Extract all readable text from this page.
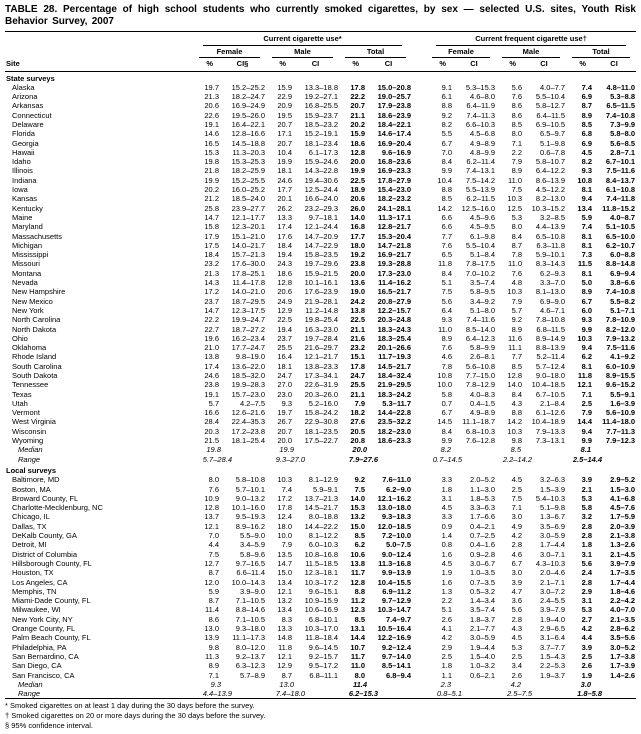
TABLE 28. Percentage of high school students who currently smoked cigarettes, by sex — selected U.S. sites, Youth Risk Behavior Survey, 2007

	Current cigarette use*							Current frequent cigarette use†					

	Female		Male		Total			Female		Male		Total	

Site	%	CI§	%	CI	%	CI		%	CI	%	CI	%	CI
State surveys													
Alaska	19.7	15.2–25.2	15.9	13.3–18.8	17.8	15.0–20.8		9.1	5.3–15.3	5.6	4.0–7.7	7.4	4.8–11.0
Arizona	21.3	18.2–24.7	22.9	19.2–27.1	22.2	19.0–25.7		6.1	4.6–8.0	7.6	5.5–10.4	6.9	5.3–8.8
Arkansas	20.6	16.9–24.9	20.9	16.8–25.5	20.7	17.9–23.8		8.8	6.4–11.9	8.6	5.8–12.7	8.7	6.5–11.5
Connecticut	22.6	19.5–26.0	19.5	15.9–23.7	21.1	18.6–23.9		9.2	7.4–11.3	8.6	6.4–11.5	8.9	7.4–10.8
Delaware	19.1	16.4–22.1	20.7	18.5–23.2	20.2	18.4–22.1		8.2	6.6–10.3	8.5	6.9–10.5	8.5	7.3–9.9
Florida	14.6	12.8–16.6	17.1	15.2–19.1	15.9	14.6–17.4		5.5	4.5–6.8	8.0	6.5–9.7	6.8	5.8–8.0
Georgia	16.5	14.5–18.8	20.7	18.1–23.4	18.6	16.9–20.4		6.7	4.9–8.9	7.1	5.1–9.8	6.9	5.6–8.5
Hawaii	15.3	11.3–20.3	10.4	6.1–17.3	12.8	9.6–16.9		7.0	4.8–9.9	2.2	0.6–7.8	4.5	2.8–7.1
Idaho	19.8	15.3–25.3	19.9	15.9–24.6	20.0	16.8–23.6		8.4	6.2–11.4	7.9	5.8–10.7	8.2	6.7–10.1
Illinois	21.8	18.2–25.9	18.1	14.3–22.8	19.9	16.9–23.3		9.9	7.4–13.1	8.9	6.4–12.2	9.3	7.5–11.6
Indiana	19.9	15.2–25.5	24.6	19.4–30.6	22.5	17.8–27.9		10.4	7.5–14.2	11.0	8.6–13.9	10.8	8.4–13.7
Iowa	20.2	16.0–25.2	17.7	12.5–24.4	18.9	15.4–23.0		8.8	5.5–13.9	7.5	4.5–12.2	8.1	6.1–10.8
Kansas	21.2	18.5–24.0	20.1	16.6–24.0	20.6	18.2–23.2		8.5	6.2–11.5	10.3	8.2–13.0	9.4	7.4–11.8
Kentucky	25.8	23.9–27.7	26.2	23.2–29.3	26.0	24.1–28.1		14.2	12.5–16.0	12.5	10.3–15.2	13.4	11.8–15.2
Maine	14.7	12.1–17.7	13.3	9.7–18.1	14.0	11.3–17.1		6.6	4.5–9.6	5.3	3.2–8.5	5.9	4.0–8.7
Maryland	15.8	12.3–20.1	17.4	12.1–24.4	16.8	12.8–21.7		6.6	4.5–9.5	8.0	4.4–13.9	7.4	5.1–10.5
Massachusetts	17.9	15.1–21.0	17.6	14.7–20.9	17.7	15.3–20.4		7.7	6.1–9.8	8.4	6.5–10.8	8.1	6.5–10.0
Michigan	17.5	14.0–21.7	18.4	14.7–22.9	18.0	14.7–21.8		7.6	5.5–10.4	8.7	6.3–11.8	8.1	6.2–10.7
Mississippi	18.4	15.7–21.3	19.4	15.8–23.5	19.2	16.9–21.7		6.5	5.1–8.4	7.8	5.9–10.1	7.3	6.0–8.8
Missouri	23.2	17.6–30.0	24.3	19.7–29.6	23.8	19.3–28.8		11.8	7.8–17.5	11.0	8.3–14.3	11.5	8.8–14.8
Montana	21.3	17.8–25.1	18.6	15.9–21.5	20.0	17.3–23.0		8.4	7.0–10.2	7.6	6.2–9.3	8.1	6.9–9.4
Nevada	14.3	11.4–17.8	12.8	10.1–16.1	13.6	11.4–16.2		5.1	3.5–7.4	4.8	3.3–7.0	5.0	3.8–6.6
New Hampshire	17.2	14.0–21.0	20.6	17.6–23.9	19.0	16.5–21.7		7.5	5.8–9.5	10.3	8.1–13.0	8.9	7.4–10.8
New Mexico	23.7	18.7–29.5	24.9	21.9–28.1	24.2	20.8–27.9		5.6	3.4–9.2	7.9	6.9–9.0	6.7	5.5–8.2
New York	14.7	12.3–17.5	12.9	11.2–14.8	13.8	12.2–15.7		6.4	5.1–8.0	5.7	4.6–7.1	6.0	5.1–7.1
North Carolina	22.2	19.9–24.7	22.5	19.8–25.4	22.5	20.3–24.8		9.3	7.4–11.6	9.2	7.8–10.8	9.3	7.8–10.9
North Dakota	22.7	18.7–27.2	19.4	16.3–23.0	21.1	18.3–24.3		11.0	8.5–14.0	8.9	6.8–11.5	9.9	8.2–12.0
Ohio	19.6	16.2–23.4	23.7	19.7–28.4	21.6	18.3–25.4		8.9	6.4–12.3	11.6	8.9–14.9	10.3	7.9–13.2
Oklahoma	21.0	17.7–24.7	25.5	21.6–29.7	23.2	20.1–26.6		7.6	5.8–9.9	11.1	8.8–13.9	9.4	7.5–11.6
Rhode Island	13.8	9.8–19.0	16.4	12.1–21.7	15.1	11.7–19.3		4.6	2.6–8.1	7.7	5.2–11.4	6.2	4.1–9.2
South Carolina	17.4	13.6–22.0	18.1	13.8–23.3	17.8	14.5–21.7		7.8	5.6–10.8	8.5	5.7–12.4	8.1	6.0–10.9
South Dakota	24.6	18.5–32.0	24.7	17.3–34.1	24.7	18.4–32.4		10.8	7.7–15.0	12.8	9.0–18.0	11.8	8.9–15.5
Tennessee	23.8	19.9–28.3	27.0	22.6–31.9	25.5	21.9–29.5		10.0	7.8–12.9	14.0	10.4–18.5	12.1	9.6–15.2
Texas	19.1	15.7–23.0	23.0	20.3–26.0	21.1	18.3–24.2		5.8	4.0–8.3	8.4	6.7–10.5	7.1	5.5–9.1
Utah	5.7	4.2–7.5	9.3	5.2–16.0	7.9	5.3–11.7		0.7	0.4–1.5	4.3	2.1–8.4	2.5	1.6–3.9
Vermont	16.6	12.6–21.6	19.7	15.8–24.2	18.2	14.4–22.8		6.7	4.9–8.9	8.8	6.1–12.6	7.9	5.6–10.9
West Virginia	28.4	22.4–35.3	26.7	22.9–30.8	27.6	23.5–32.2		14.5	11.1–18.7	14.2	10.4–18.9	14.4	11.4–18.0
Wisconsin	20.3	17.2–23.8	20.7	18.1–23.5	20.5	18.2–23.0		8.4	6.8–10.3	10.3	7.9–13.3	9.4	7.7–11.3
Wyoming	21.5	18.1–25.4	20.0	17.5–22.7	20.8	18.6–23.3		9.9	7.6–12.8	9.8	7.3–13.1	9.9	7.9–12.3
Median	19.8		19.9		20.0			8.2		8.5		8.1	
Range	5.7–28.4		9.3–27.0		7.9–27.6			0.7–14.5		2.2–14.2		2.5–14.4	
Local surveys													
Baltimore, MD	8.0	5.8–10.8	10.3	8.1–12.9	9.2	7.6–11.0		3.3	2.0–5.2	4.5	3.2–6.3	3.9	2.9–5.2
Boston, MA	7.6	5.7–10.1	7.4	5.9–9.1	7.5	6.2–9.0		1.8	1.1–3.0	2.5	1.5–3.9	2.1	1.5–3.0
Broward County, FL	10.9	9.0–13.2	17.2	13.7–21.3	14.0	12.1–16.2		3.1	1.8–5.3	7.5	5.4–10.3	5.3	4.1–6.8
Charlotte-Mecklenburg, NC	12.8	10.1–16.0	17.8	14.5–21.7	15.3	13.0–18.0		4.5	3.3–6.3	7.1	5.1–9.8	5.8	4.5–7.6
Chicago, IL	13.7	9.5–19.3	12.4	8.0–18.8	13.2	9.3–18.3		3.3	1.7–6.6	3.0	1.3–6.7	3.2	1.7–5.9
Dallas, TX	12.1	8.9–16.2	18.0	14.4–22.2	15.0	12.0–18.5		0.9	0.4–2.1	4.9	3.5–6.9	2.8	2.0–3.9
DeKalb County, GA	7.0	5.5–9.0	10.0	8.1–12.2	8.5	7.2–10.0		1.4	0.7–2.5	4.2	3.0–5.9	2.8	2.1–3.8
Detroit, MI	4.4	3.4–5.9	7.9	6.0–10.3	6.2	5.0–7.5		0.8	0.4–1.6	2.8	1.7–4.4	1.8	1.3–2.6
District of Columbia	7.5	5.8–9.6	13.5	10.8–16.8	10.6	9.0–12.4		1.6	0.9–2.8	4.6	3.0–7.1	3.1	2.1–4.5
Hillsborough County, FL	12.7	9.7–16.5	14.7	11.5–18.5	13.8	11.3–16.8		4.5	3.0–6.7	6.7	4.3–10.3	5.6	3.9–7.9
Houston, TX	8.7	6.6–11.4	15.0	12.3–18.1	11.7	9.9–13.9		1.9	1.0–3.5	3.0	2.0–4.6	2.4	1.7–3.5
Los Angeles, CA	12.0	10.0–14.3	13.4	10.3–17.2	12.8	10.4–15.5		1.6	0.7–3.5	3.9	2.1–7.1	2.8	1.7–4.4
Memphis, TN	5.9	3.9–9.0	12.1	9.6–15.1	8.8	6.9–11.2		1.3	0.5–3.2	4.7	3.0–7.2	2.9	1.8–4.6
Miami-Dade County, FL	8.7	7.1–10.5	13.2	10.9–15.9	11.2	9.7–12.9		2.2	1.4–3.4	3.6	2.4–5.5	3.1	2.2–4.2
Milwaukee, WI	11.4	8.8–14.6	13.4	10.6–16.9	12.3	10.3–14.7		5.1	3.5–7.4	5.6	3.9–7.9	5.3	4.0–7.0
New York City, NY	8.6	7.1–10.5	8.3	6.8–10.1	8.5	7.4–9.7		2.6	1.8–3.7	2.8	1.9–4.0	2.7	2.1–3.5
Orange County, FL	13.0	9.3–18.0	13.3	10.3–17.0	13.1	10.5–16.4		4.1	2.1–7.7	4.3	2.9–6.5	4.2	2.8–6.2
Palm Beach County, FL	13.9	11.1–17.3	14.8	11.8–18.4	14.4	12.2–16.9		4.2	3.0–5.9	4.5	3.1–6.4	4.4	3.5–5.6
Philadelphia, PA	9.8	8.0–12.0	11.8	9.6–14.5	10.7	9.2–12.4		2.9	1.9–4.4	5.3	3.7–7.7	3.9	3.0–5.2
San Bernardino, CA	11.3	9.2–13.7	12.1	9.2–15.7	11.7	9.7–14.0		2.5	1.5–4.0	2.5	1.5–4.3	2.5	1.7–3.8
San Diego, CA	8.9	6.3–12.3	12.9	9.5–17.2	11.0	8.5–14.1		1.8	1.0–3.2	3.4	2.2–5.3	2.6	1.7–3.9
San Francisco, CA	7.1	5.7–8.9	8.7	6.8–11.1	8.0	6.8–9.4		1.1	0.6–2.1	2.6	1.9–3.7	1.9	1.4–2.6
Median	9.3		13.0		11.4			2.3		4.2		3.0	
Range	4.4–13.9		7.4–18.0		6.2–15.3			0.8–5.1		2.5–7.5		1.8–5.8	
* Smoked cigarettes on at least 1 day during the 30 days before the survey.
† Smoked cigarettes on 20 or more days during the 30 days before the survey.
§ 95% confidence interval.
